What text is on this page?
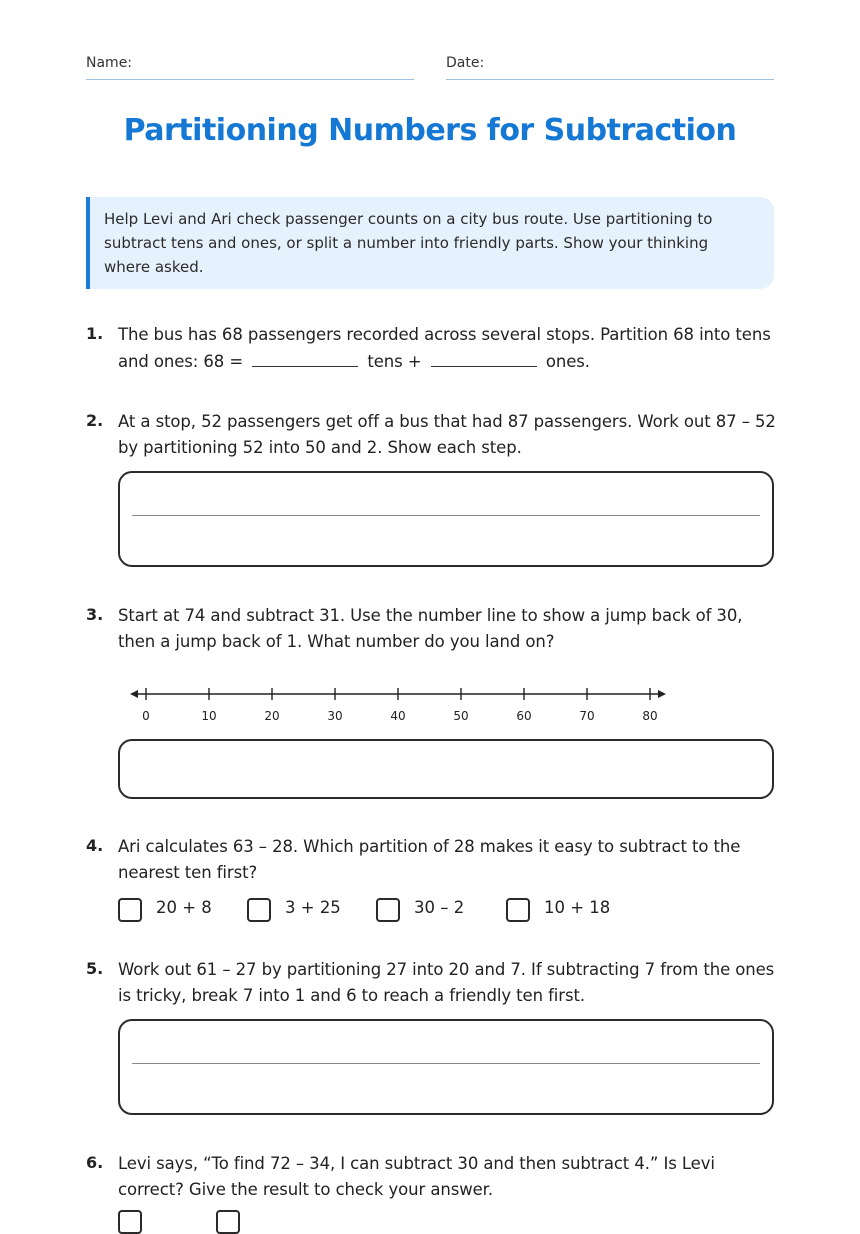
Name:	Date:
Partitioning Numbers for Subtraction
Help Levi and Ari check passenger counts on a city bus route. Use partitioning to subtract tens and ones, or split a number into friendly parts. Show your thinking where asked.
1. The bus has 68 passengers recorded across several stops. Partition 68 into tens and ones: 68 =	tens +	ones.
2. At a stop, 52 passengers get off a bus that had 87 passengers. Work out 87 – 52 by partitioning 52 into 50 and 2. Show each step.
3. Start at 74 and subtract 31. Use the number line to show a jump back of 30, then a jump back of 1. What number do you land on?
0	10	20	30	40	50	60	70	80
4. Ari calculates 63 – 28. Which partition of 28 makes it easy to subtract to the nearest ten first?
20 + 8	3 + 25	30 – 2	10 + 18
5. Work out 61 – 27 by partitioning 27 into 20 and 7. If subtracting 7 from the ones is tricky, break 7 into 1 and 6 to reach a friendly ten first.
6. Levi says, “To find 72 – 34, I can subtract 30 and then subtract 4.” Is Levi correct? Give the result to check your answer.
